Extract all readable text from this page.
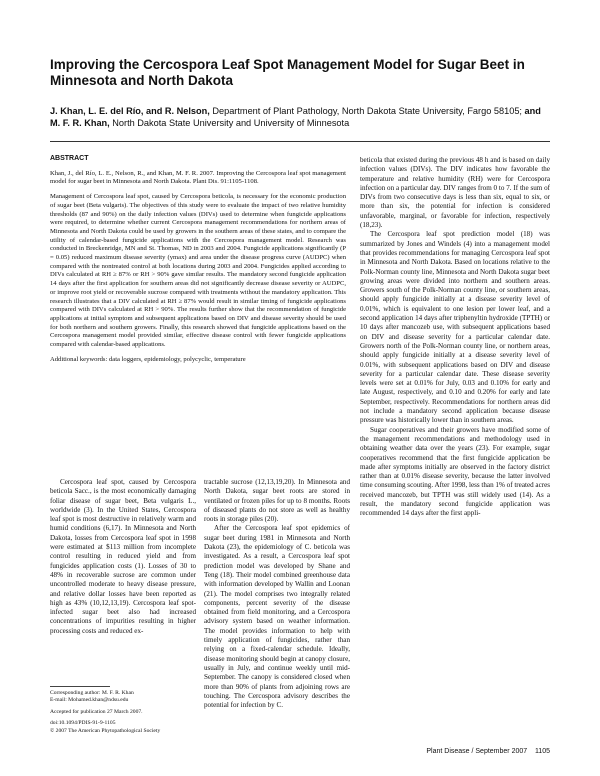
Improving the Cercospora Leaf Spot Management Model for Sugar Beet in Minnesota and North Dakota

J. Khan, L. E. del Río, and R. Nelson, Department of Plant Pathology, North Dakota State University, Fargo 58105; and M. F. R. Khan, North Dakota State University and University of Minnesota

ABSTRACT

Khan, J., del Río, L. E., Nelson, R., and Khan, M. F. R. 2007. Improving the Cercospora leaf spot management model for sugar beet in Minnesota and North Dakota. Plant Dis. 91:1105-1108.

Management of Cercospora leaf spot, caused by Cercospora beticola, is necessary for the economic production of sugar beet (Beta vulgaris). The objectives of this study were to evaluate the impact of two relative humidity thresholds (87 and 90%) on the daily infection values (DIVs) used to determine when fungicide applications were required, to determine whether current Cercospora management recommendations for northern areas of Minnesota and North Dakota could be used by growers in the southern areas of these states, and to compare the utility of calendar-based fungicide applications with the Cercospora management model. Research was conducted in Breckenridge, MN and St. Thomas, ND in 2003 and 2004. Fungicide applications significantly (P = 0.05) reduced maximum disease severity (ymax) and area under the disease progress curve (AUDPC) when compared with the nontreated control at both locations during 2003 and 2004. Fungicides applied according to DIVs calculated at RH ≥ 87% or RH > 90% gave similar results. The mandatory second fungicide application 14 days after the first application for southern areas did not significantly decrease disease severity or AUDPC, or improve root yield or recoverable sucrose compared with treatments without the mandatory application. This research illustrates that a DIV calculated at RH ≥ 87% would result in similar timing of fungicide applications compared with DIVs calculated at RH > 90%. The results further show that the recommendation of fungicide applications at initial symptom and subsequent applications based on DIV and disease severity should be used for both northern and southern growers. Finally, this research showed that fungicide applications based on the Cercospora management model provided similar, effective disease control with fewer fungicide applications compared with calendar-based applications.

Additional keywords: data loggers, epidemiology, polycyclic, temperature

Cercospora leaf spot, caused by Cercospora beticola Sacc., is the most economically damaging foliar disease of sugar beet, Beta vulgaris L., worldwide (3). In the United States, Cercospora leaf spot is most destructive in relatively warm and humid conditions (6,17). In Minnesota and North Dakota, losses from Cercospora leaf spot in 1998 were estimated at $113 million from incomplete control resulting in reduced yield and from fungicides application costs (1). Losses of 30 to 48% in recoverable sucrose are common under uncontrolled moderate to heavy disease pressure, and relative dollar losses have been reported as high as 43% (10,12,13,19). Cercospora leaf spot-infected sugar beet also had increased concentrations of impurities resulting in higher processing costs and reduced ex-

Corresponding author: M. F. R. Khan

E-mail: Mohamed.khan@ndsu.edu

Accepted for publication 27 March 2007.

doi:10.1094/PDIS-91-9-1105

© 2007 The American Phytopathological Society

tractable sucrose (12,13,19,20). In Minnesota and North Dakota, sugar beet roots are stored in ventilated or frozen piles for up to 8 months. Roots of diseased plants do not store as well as healthy roots in storage piles (20).

After the Cercospora leaf spot epidemics of sugar beet during 1981 in Minnesota and North Dakota (23), the epidemiology of C. beticola was investigated. As a result, a Cercospora leaf spot prediction model was developed by Shane and Teng (18). Their model combined greenhouse data with information developed by Wallin and Loonan (21). The model comprises two integrally related components, percent severity of the disease obtained from field monitoring, and a Cercospora advisory system based on weather information. The model provides information to help with timely application of fungicides, rather than relying on a fixed-calendar schedule. Ideally, disease monitoring should begin at canopy closure, usually in July, and continue weekly until mid-September. The canopy is considered closed when more than 90% of plants from adjoining rows are touching. The Cercospora advisory describes the potential for infection by C.

beticola that existed during the previous 48 h and is based on daily infection values (DIVs). The DIV indicates how favorable the temperature and relative humidity (RH) were for Cercospora infection on a particular day. DIV ranges from 0 to 7. If the sum of DIVs from two consecutive days is less than six, equal to six, or more than six, the potential for infection is considered unfavorable, marginal, or favorable for infection, respectively (18,23).

The Cercospora leaf spot prediction model (18) was summarized by Jones and Windels (4) into a management model that provides recommendations for managing Cercospora leaf spot in Minnesota and North Dakota. Based on locations relative to the Polk-Norman county line, Minnesota and North Dakota sugar beet growing areas were divided into northern and southern areas. Growers south of the Polk-Norman county line, or southern areas, should apply fungicide initially at a disease severity level of 0.01%, which is equivalent to one lesion per lower leaf, and a second application 14 days after triphenyltin hydroxide (TPTH) or 10 days after mancozeb use, with subsequent applications based on DIV and disease severity for a particular calendar date. Growers north of the Polk-Norman county line, or northern areas, should apply fungicide initially at a disease severity level of 0.01%, with subsequent applications based on DIV and disease severity for a particular calendar date. These disease severity levels were set at 0.01% for July, 0.03 and 0.10% for early and late August, respectively, and 0.10 and 0.20% for early and late September, respectively. Recommendations for northern areas did not include a mandatory second application because disease pressure was historically lower than in southern areas.

Sugar cooperatives and their growers have modified some of the management recommendations and methodology used in obtaining weather data over the years (23). For example, sugar cooperatives recommend that the first fungicide application be made after symptoms initially are observed in the factory district rather than at 0.01% disease severity, because the latter involved time consuming scouting. After 1998, less than 1% of treated acres received mancozeb, but TPTH was still widely used (14). As a result, the mandatory second fungicide application was recommended 14 days after the first appli-

Plant Disease / September 2007 1105
